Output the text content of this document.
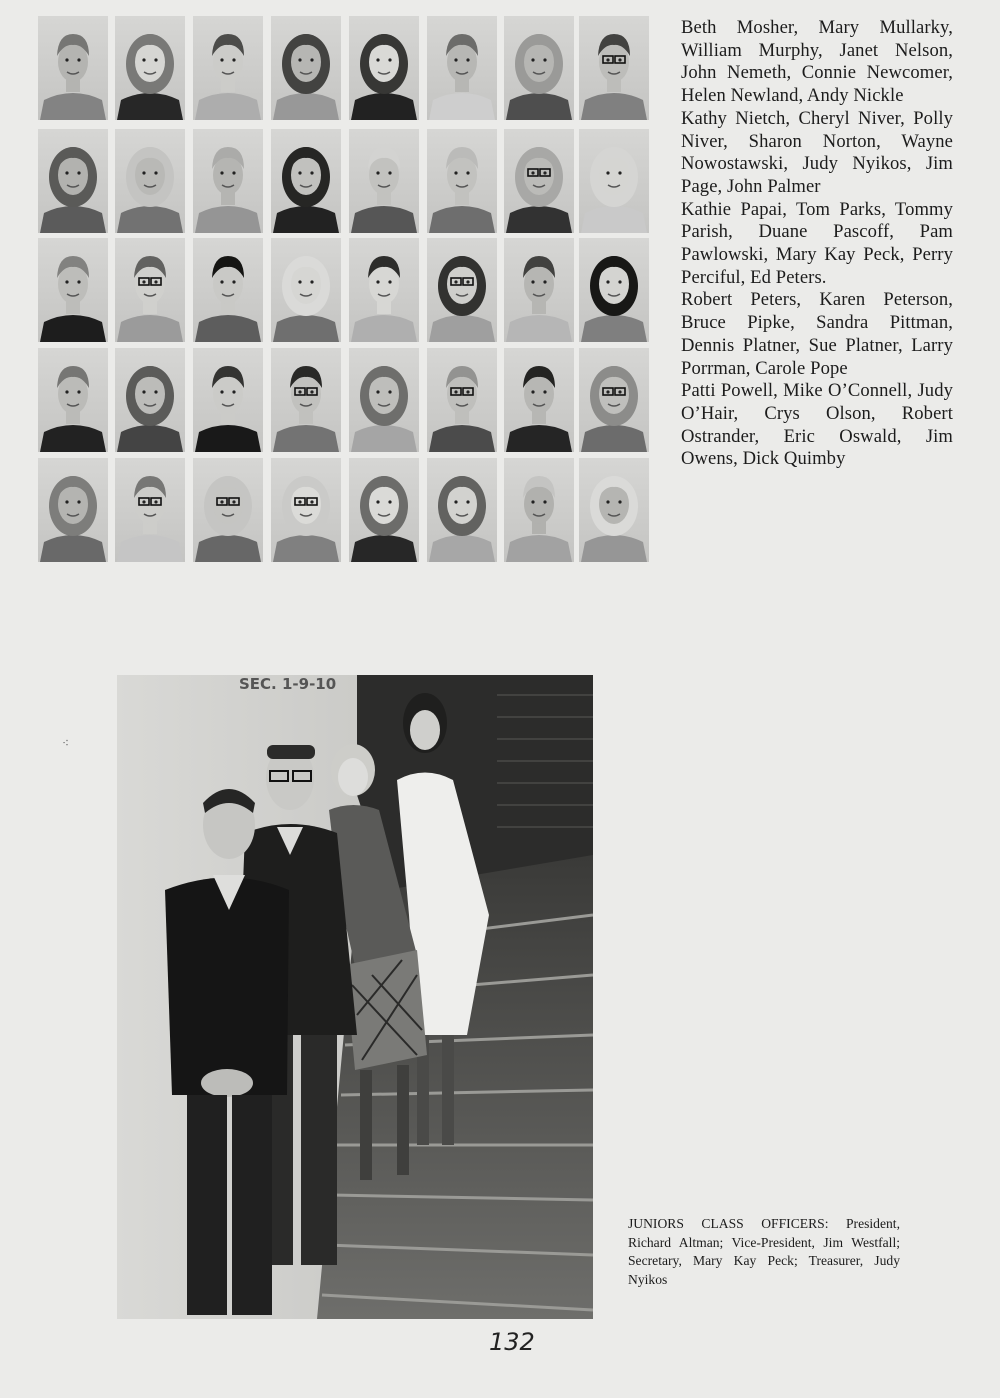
Beth Mosher, Mary Mullarky, William Murphy, Janet Nelson, John Nemeth, Connie Newcomer, Helen Newland, Andy Nickle

Kathy Nietch, Cheryl Niver, Polly Niver, Sharon Norton, Wayne Nowostawski, Judy Nyikos, Jim Page, John Palmer

Kathie Papai, Tom Parks, Tommy Parish, Duane Pascoff, Pam Pawlowski, Mary Kay Peck, Perry Perciful, Ed Peters.

Robert Peters, Karen Peterson, Bruce Pipke, Sandra Pittman, Dennis Platner, Sue Platner, Larry Porrman, Carole Pope

Patti Powell, Mike O’Connell, Judy O’Hair, Crys Olson, Robert Ostrander, Eric Oswald, Jim Owens, Dick Quimby

⁖
SEC. 1-9-10
JUNIORS CLASS OFFICERS: President, Richard Altman; Vice-President, Jim Westfall; Secretary, Mary Kay Peck; Treasurer, Judy Nyikos
132
